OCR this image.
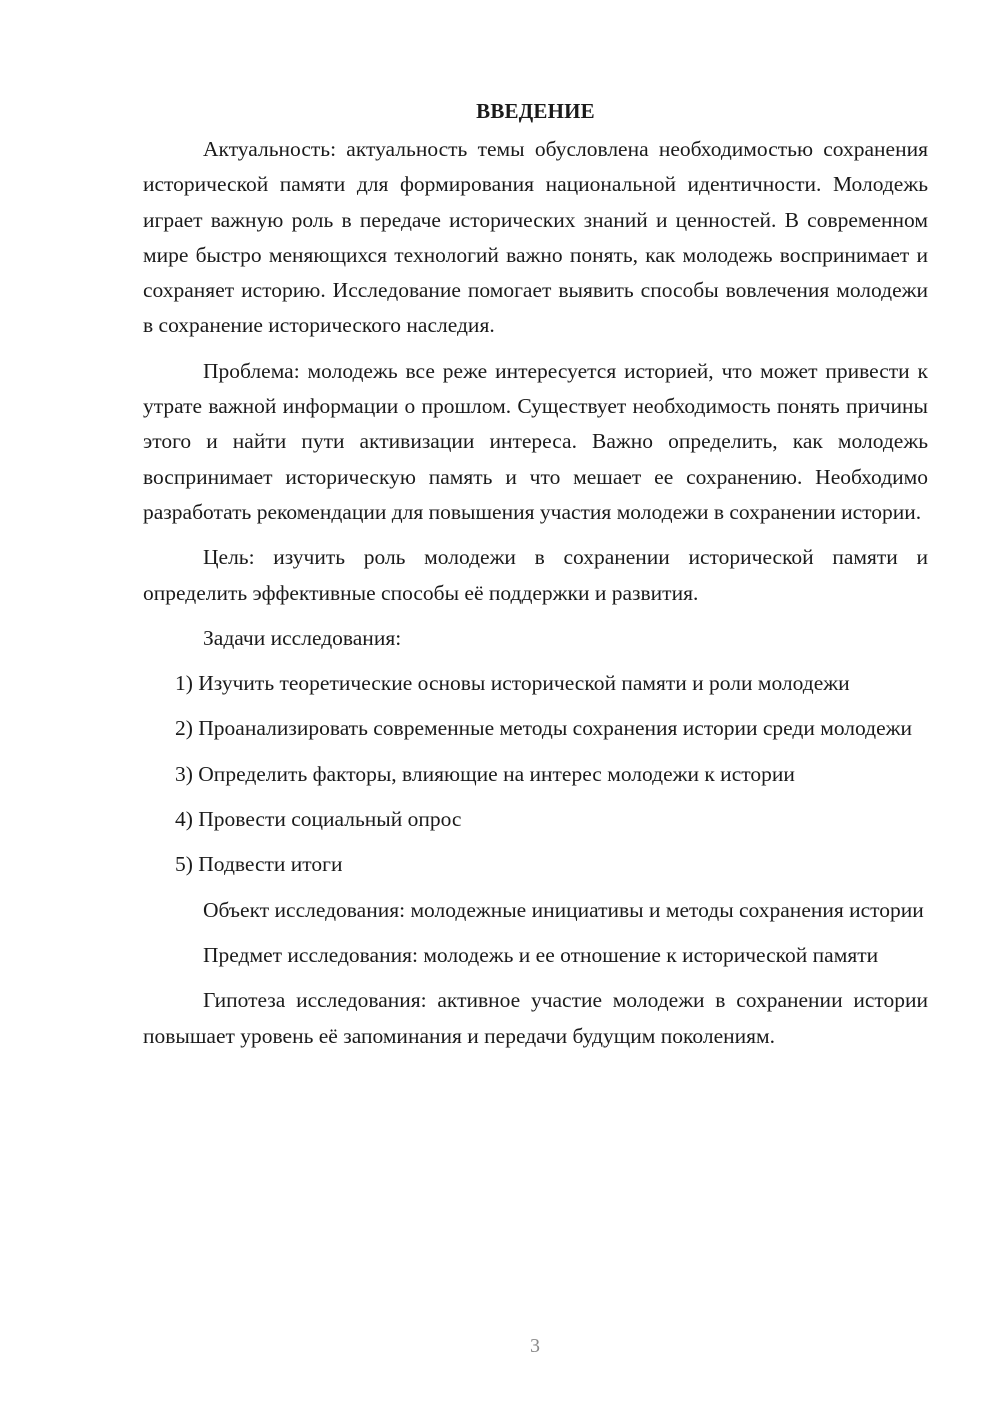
ВВЕДЕНИЕ

Актуальность: актуальность темы обусловлена необходимостью сохранения исторической памяти для формирования национальной идентичности. Молодежь играет важную роль в передаче исторических знаний и ценностей. В современном мире быстро меняющихся технологий важно понять, как молодежь воспринимает и сохраняет историю. Исследование помогает выявить способы вовлечения молодежи в сохранение исторического наследия.

Проблема: молодежь все реже интересуется историей, что может привести к утрате важной информации о прошлом. Существует необходимость понять причины этого и найти пути активизации интереса. Важно определить, как молодежь воспринимает историческую память и что мешает ее сохранению. Необходимо разработать рекомендации для повышения участия молодежи в сохранении истории.

Цель: изучить роль молодежи в сохранении исторической памяти и определить эффективные способы её поддержки и развития.

Задачи исследования:

1) Изучить теоретические основы исторической памяти и роли молодежи

2) Проанализировать современные методы сохранения истории среди молодежи

3) Определить факторы, влияющие на интерес молодежи к истории

4) Провести социальный опрос

5) Подвести итоги

Объект исследования: молодежные инициативы и методы сохранения истории

Предмет исследования: молодежь и ее отношение к исторической памяти

Гипотеза исследования: активное участие молодежи в сохранении истории повышает уровень её запоминания и передачи будущим поколениям.

3
